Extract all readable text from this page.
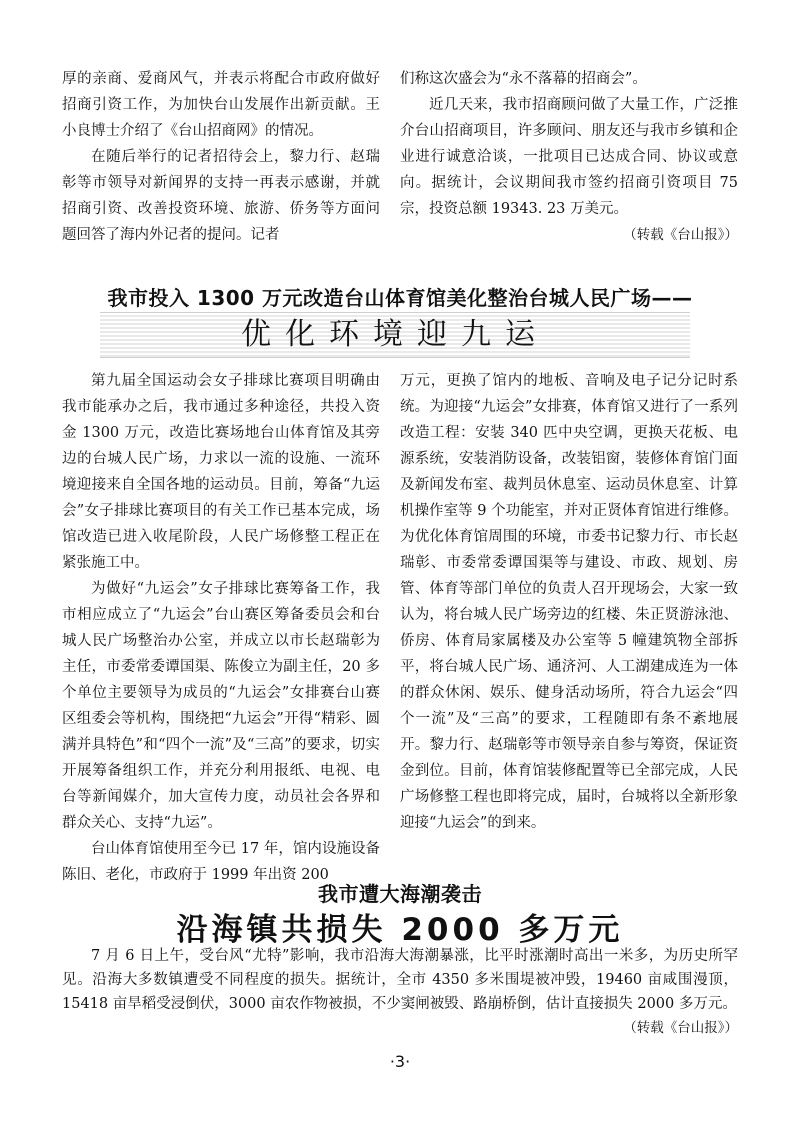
厚的亲商、爱商风气，并表示将配合市政府做好招商引资工作，为加快台山发展作出新贡献。王小良博士介绍了《台山招商网》的情况。

在随后举行的记者招待会上，黎力行、赵瑞彰等市领导对新闻界的支持一再表示感谢，并就招商引资、改善投资环境、旅游、侨务等方面问题回答了海内外记者的提问。记者

们称这次盛会为“永不落幕的招商会”。

近几天来，我市招商顾问做了大量工作，广泛推介台山招商项目，许多顾问、朋友还与我市乡镇和企业进行诚意洽谈，一批项目已达成合同、协议或意向。据统计，会议期间我市签约招商引资项目 75 宗，投资总额 19343. 23 万美元。

（转载《台山报》）
我市投入 1300 万元改造台山体育馆美化整治台城人民广场——
优化环境迎九运

第九届全国运动会女子排球比赛项目明确由我市能承办之后，我市通过多种途径，共投入资金 1300 万元，改造比赛场地台山体育馆及其旁边的台城人民广场，力求以一流的设施、一流环境迎接来自全国各地的运动员。目前，筹备“九运会”女子排球比赛项目的有关工作已基本完成，场馆改造已进入收尾阶段，人民广场修整工程正在紧张施工中。

为做好“九运会”女子排球比赛筹备工作，我市相应成立了“九运会”台山赛区筹备委员会和台城人民广场整治办公室，并成立以市长赵瑞彰为主任，市委常委谭国渠、陈俊立为副主任，20 多个单位主要领导为成员的“九运会”女排赛台山赛区组委会等机构，围绕把“九运会”开得“精彩、圆满并具特色”和“四个一流”及“三高”的要求，切实开展筹备组织工作，并充分利用报纸、电视、电台等新闻媒介，加大宣传力度，动员社会各界和群众关心、支持“九运”。

台山体育馆使用至今已 17 年，馆内设施设备陈旧、老化，市政府于 1999 年出资 200

万元，更换了馆内的地板、音响及电子记分记时系统。为迎接“九运会”女排赛，体育馆又进行了一系列改造工程：安装 340 匹中央空调，更换天花板、电源系统，安装消防设备，改装铝窗，装修体育馆门面及新闻发布室、裁判员休息室、运动员休息室、计算机操作室等 9 个功能室，并对正贤体育馆进行维修。为优化体育馆周围的环境，市委书记黎力行、市长赵瑞彰、市委常委谭国渠等与建设、市政、规划、房管、体育等部门单位的负责人召开现场会，大家一致认为，将台城人民广场旁边的红楼、朱正贤游泳池、侨房、体育局家属楼及办公室等 5 幢建筑物全部拆平，将台城人民广场、通济河、人工湖建成连为一体的群众休闲、娱乐、健身活动场所，符合九运会“四个一流”及“三高”的要求，工程随即有条不紊地展开。黎力行、赵瑞彰等市领导亲自参与筹资，保证资金到位。目前，体育馆装修配置等已全部完成，人民广场修整工程也即将完成，届时，台城将以全新形象迎接“九运会”的到来。

我市遭大海潮袭击
沿海镇共损失 2000 多万元

7 月 6 日上午，受台风“尤特”影响，我市沿海大海潮暴涨，比平时涨潮时高出一米多，为历史所罕见。沿海大多数镇遭受不同程度的损失。据统计，全市 4350 多米围堤被冲毁，19460 亩咸围漫顶，15418 亩旱稻受浸倒伏，3000 亩农作物被损，不少窦闸被毁、路崩桥倒，估计直接损失 2000 多万元。

（转载《台山报》）
·3·
